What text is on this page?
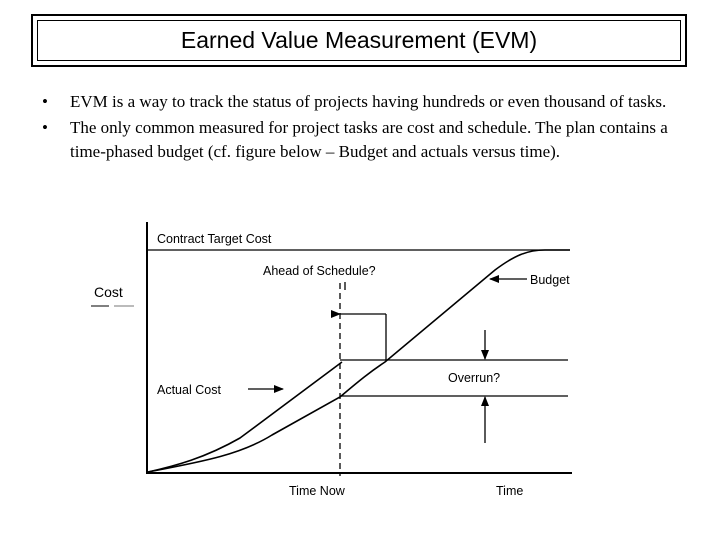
Earned Value Measurement (EVM)
•	EVM is a way to track the status of projects having hundreds or even thousand of tasks.
•	The only common measured for project tasks are cost and schedule. The plan contains a time-phased budget (cf. figure below – Budget and actuals versus time).
Contract Target Cost
Ahead of Schedule?
Budget
Overrun?
Actual Cost
Time Now	Time
Cost
